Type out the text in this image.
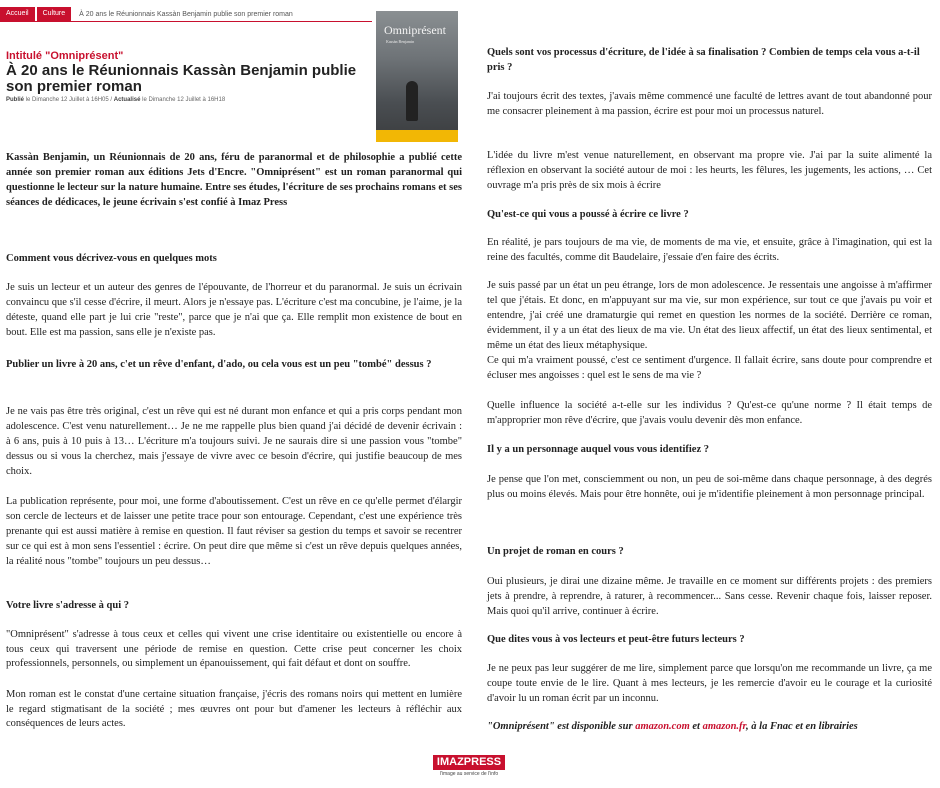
Accueil	Culture	À 20 ans le Réunionnais Kassàn Benjamin publie son premier roman
Intitulé "Omniprésent"
À 20 ans le Réunionnais Kassàn Benjamin publie son premier roman
Publié le Dimanche 12 Juillet à 16H05 / Actualisé le Dimanche 12 Juillet à 16H18
Omniprésent
Kassàn Benjamin
Kassàn Benjamin, un Réunionnais de 20 ans, féru de paranormal et de philosophie a publié cette année son premier roman aux éditions Jets d'Encre. "Omniprésent" est un roman paranormal qui questionne le lecteur sur la nature humaine. Entre ses études, l'écriture de ses prochains romans et ses séances de dédicaces, le jeune écrivain s'est confié à Imaz Press
Comment vous décrivez-vous en quelques mots
Je suis un lecteur et un auteur des genres de l'épouvante, de l'horreur et du paranormal. Je suis un écrivain convaincu que s'il cesse d'écrire, il meurt. Alors je n'essaye pas. L'écriture c'est ma concubine, je l'aime, je la déteste, quand elle part je lui crie "reste", parce que je n'ai que ça. Elle remplit mon existence de bout en bout. Elle est ma passion, sans elle je n'existe pas.
Publier un livre à 20 ans, c'et un rêve d'enfant, d'ado, ou cela vous est un peu "tombé" dessus ?
Je ne vais pas être très original, c'est un rêve qui est né durant mon enfance et qui a pris corps pendant mon adolescence. C'est venu naturellement… Je ne me rappelle plus bien quand j'ai décidé de devenir écrivain : à 6 ans, puis à 10 puis à 13… L'écriture m'a toujours suivi. Je ne saurais dire si une passion vous "tombe" dessus ou si vous la cherchez, mais j'essaye de vivre avec ce besoin d'écrire, qui justifie beaucoup de mes choix.
La publication représente, pour moi, une forme d'aboutissement. C'est un rêve en ce qu'elle permet d'élargir son cercle de lecteurs et de laisser une petite trace pour son entourage. Cependant, c'est une expérience très prenante qui est aussi matière à remise en question. Il faut réviser sa gestion du temps et savoir se recentrer sur ce qui est à mon sens l'essentiel : écrire. On peut dire que même si c'est un rêve depuis quelques années, la réalité nous "tombe" toujours un peu dessus…
Votre livre s'adresse à qui ?
"Omniprésent" s'adresse à tous ceux et celles qui vivent une crise identitaire ou existentielle ou encore à tous ceux qui traversent une période de remise en question. Cette crise peut concerner les choix professionnels, personnels, ou simplement un épanouissement, qui fait défaut et dont on souffre.
Mon roman est le constat d'une certaine situation française, j'écris des romans noirs qui mettent en lumière le regard stigmatisant de la société ; mes œuvres ont pour but d'amener les lecteurs à réfléchir aux conséquences de leurs actes.
Quels sont vos processus d'écriture, de l'idée à sa finalisation ? Combien de temps cela vous a-t-il pris ?
J'ai toujours écrit des textes, j'avais même commencé une faculté de lettres avant de tout abandonné pour me consacrer pleinement à ma passion, écrire est pour moi un processus naturel.
L'idée du livre m'est venue naturellement, en observant ma propre vie. J'ai par la suite alimenté la réflexion en observant la société autour de moi : les heurts, les fêlures, les jugements, les actions, … Cet ouvrage m'a pris près de six mois à écrire
Qu'est-ce qui vous a poussé à écrire ce livre ?
En réalité, je pars toujours de ma vie, de moments de ma vie, et ensuite, grâce à l'imagination, qui est la reine des facultés, comme dit Baudelaire, j'essaie d'en faire des écrits.
Je suis passé par un état un peu étrange, lors de mon adolescence. Je ressentais une angoisse à m'affirmer tel que j'étais. Et donc, en m'appuyant sur ma vie, sur mon expérience, sur tout ce que j'avais pu voir et entendre, j'ai créé une dramaturgie qui remet en question les normes de la société. Derrière ce roman, évidemment, il y a un état des lieux de ma vie. Un état des lieux affectif, un état des lieux sentimental, et même un état des lieux métaphysique.
Ce qui m'a vraiment poussé, c'est ce sentiment d'urgence. Il fallait écrire, sans doute pour comprendre et écluser mes angoisses : quel est le sens de ma vie ?
Quelle influence la société a-t-elle sur les individus ? Qu'est-ce qu'une norme ? Il était temps de m'approprier mon rêve d'écrire, que j'avais voulu devenir dès mon enfance.
Il y a un personnage auquel vous vous identifiez ?
Je pense que l'on met, consciemment ou non, un peu de soi-même dans chaque personnage, à des degrés plus ou moins élevés. Mais pour être honnête, oui je m'identifie pleinement à mon personnage principal.
Un projet de roman en cours ?
Oui plusieurs, je dirai une dizaine même. Je travaille en ce moment sur différents projets : des premiers jets à prendre, à reprendre, à raturer, à recommencer... Sans cesse. Revenir chaque fois, laisser reposer. Mais quoi qu'il arrive, continuer à écrire.
Que dites vous à vos lecteurs et peut-être futurs lecteurs ?
Je ne peux pas leur suggérer de me lire, simplement parce que lorsqu'on me recommande un livre, ça me coupe toute envie de le lire. Quant à mes lecteurs, je les remercie d'avoir eu le courage et la curiosité d'avoir lu un roman écrit par un inconnu.
"Omniprésent" est disponible sur amazon.com et amazon.fr, à la Fnac et en librairies
IMAZPRESS
l'image au service de l'info
